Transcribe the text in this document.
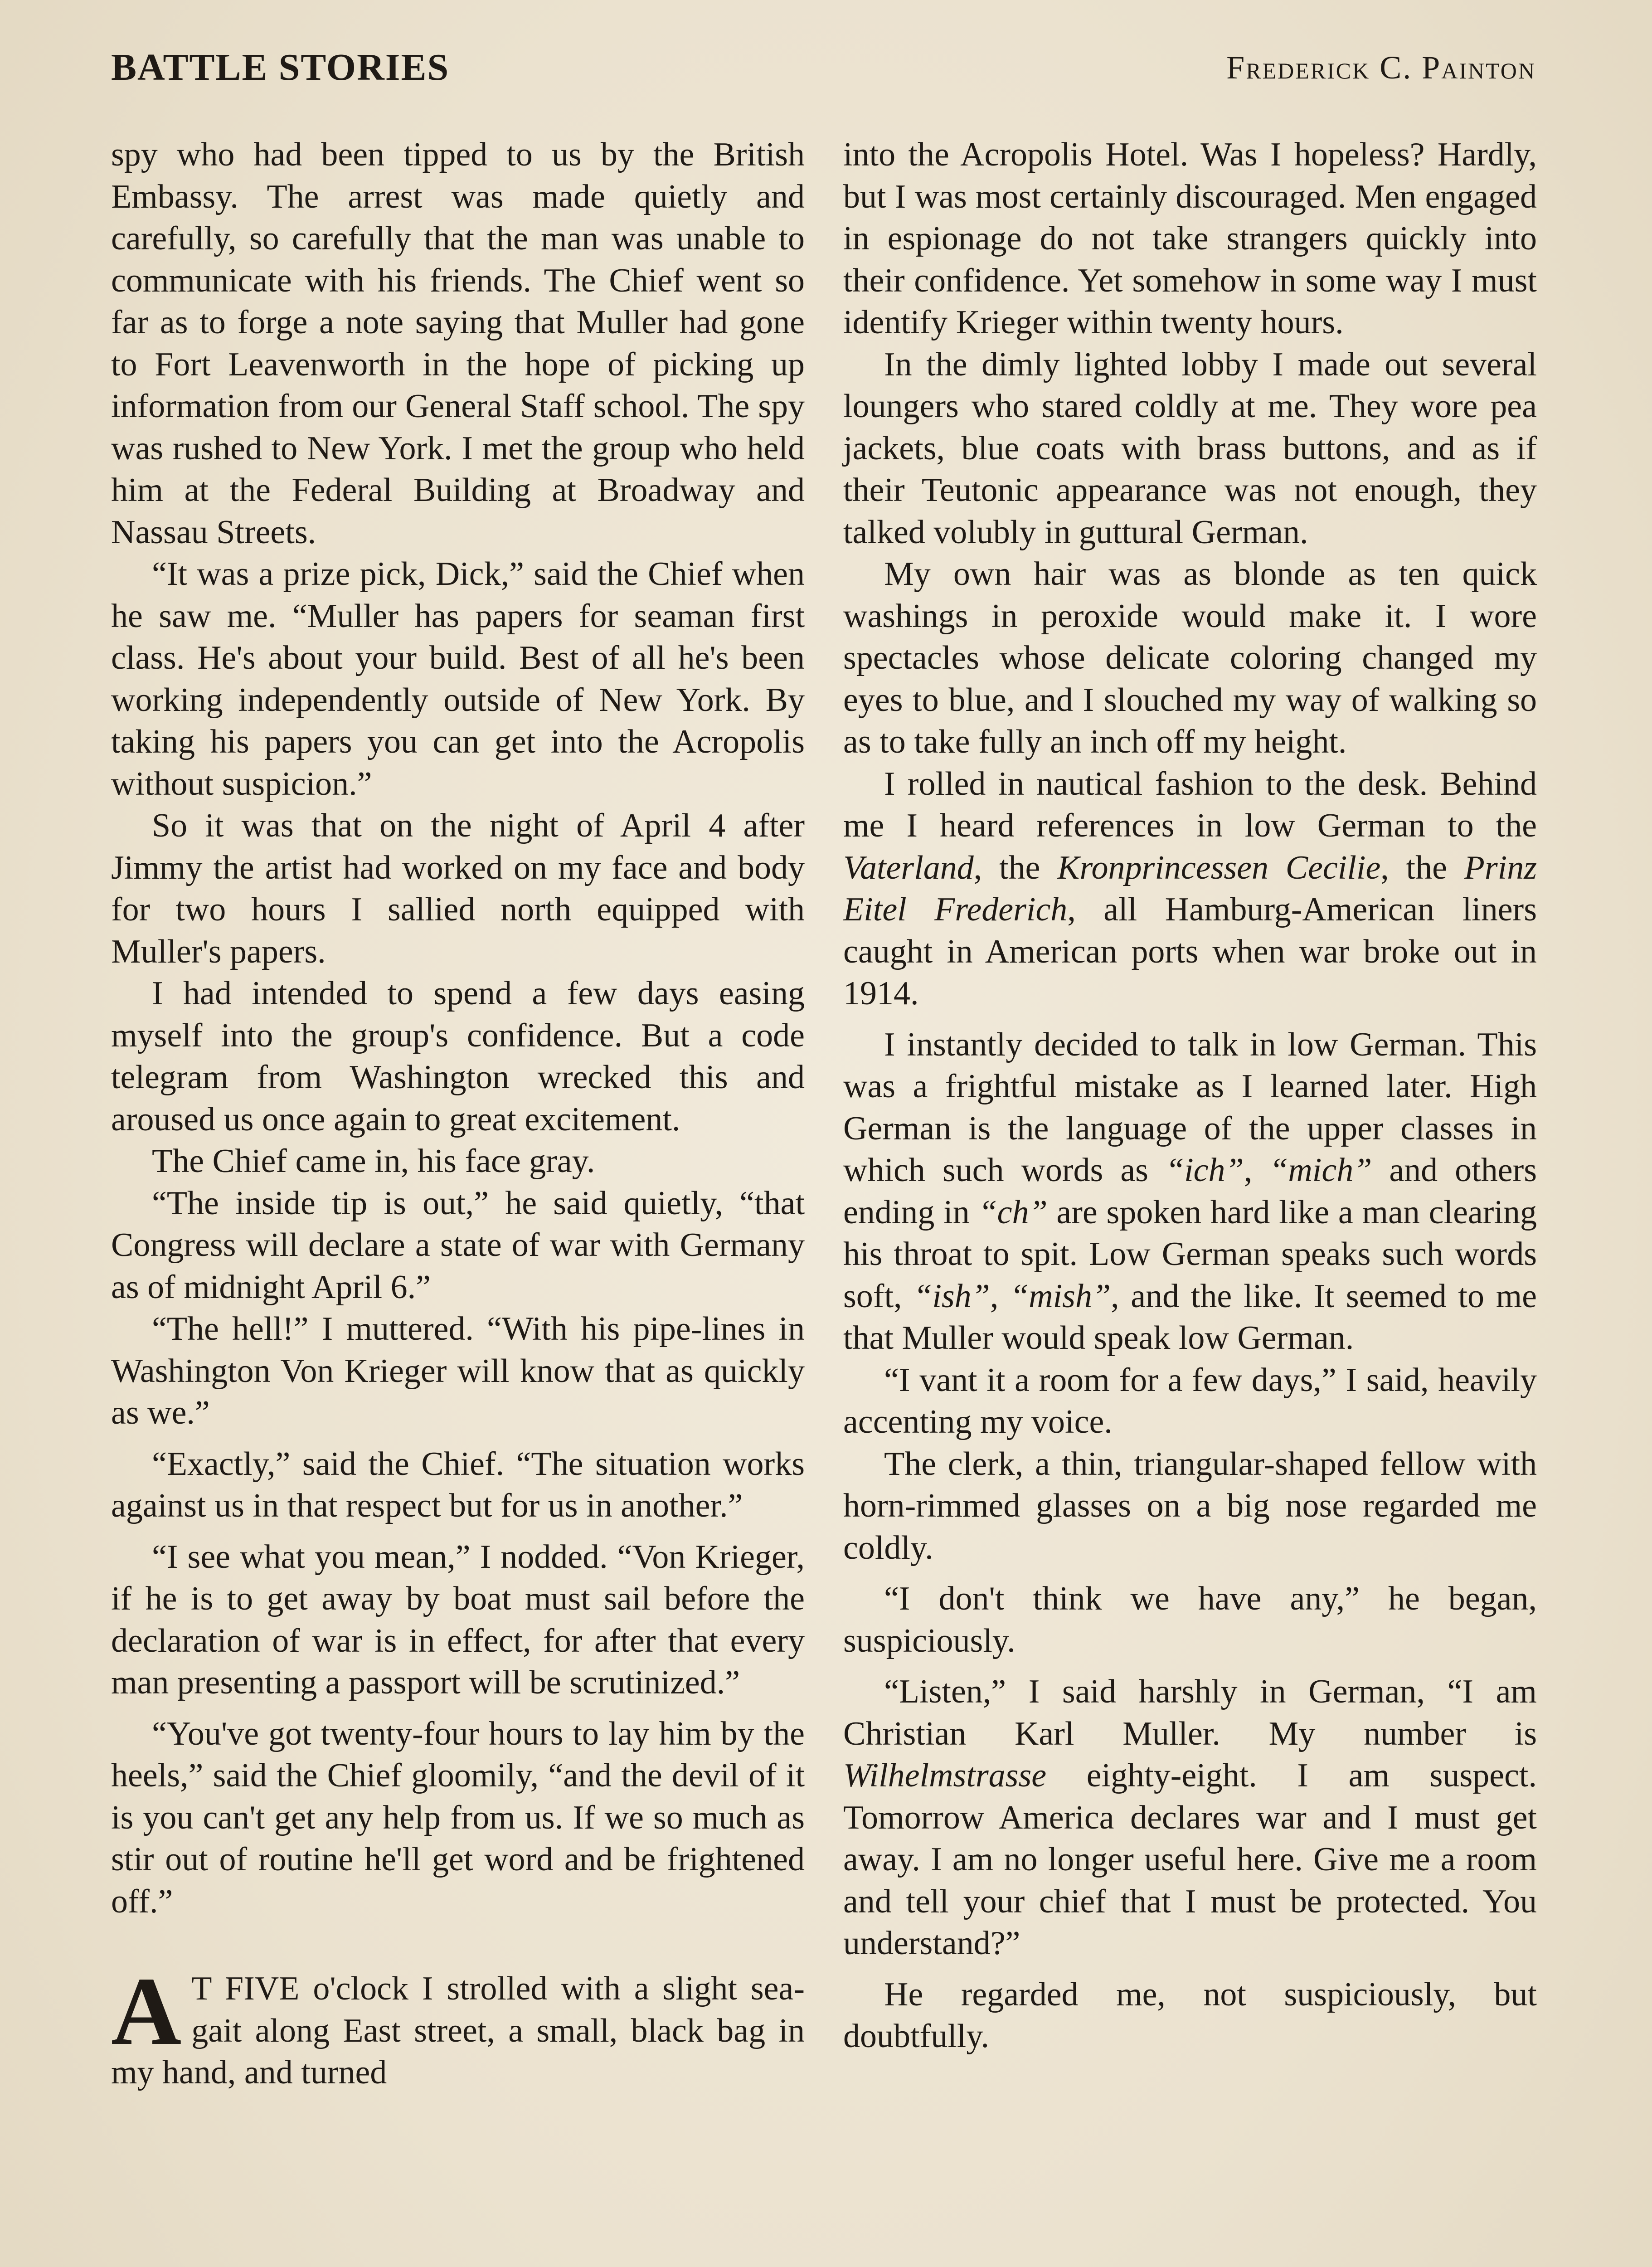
BATTLE STORIES	Frederick C. Painton

spy who had been tipped to us by the British Embassy. The arrest was made quietly and carefully, so carefully that the man was unable to communicate with his friends. The Chief went so far as to forge a note saying that Muller had gone to Fort Leavenworth in the hope of picking up information from our General Staff school. The spy was rushed to New York. I met the group who held him at the Federal Building at Broadway and Nassau Streets.

“It was a prize pick, Dick,” said the Chief when he saw me. “Muller has papers for seaman first class. He's about your build. Best of all he's been working independently outside of New York. By taking his papers you can get into the Acropolis without suspicion.”

So it was that on the night of April 4 after Jimmy the artist had worked on my face and body for two hours I sallied north equipped with Muller's papers.

I had intended to spend a few days easing myself into the group's confidence. But a code telegram from Washington wrecked this and aroused us once again to great excitement.

The Chief came in, his face gray.

“The inside tip is out,” he said quietly, “that Congress will declare a state of war with Germany as of midnight April 6.”

“The hell!” I muttered. “With his pipe-lines in Washington Von Krieger will know that as quickly as we.”

“Exactly,” said the Chief. “The situation works against us in that respect but for us in another.”

“I see what you mean,” I nodded. “Von Krieger, if he is to get away by boat must sail before the declaration of war is in effect, for after that every man presenting a passport will be scrutinized.”

“You've got twenty-four hours to lay him by the heels,” said the Chief gloomily, “and the devil of it is you can't get any help from us. If we so much as stir out of routine he'll get word and be frightened off.”

A T FIVE o'clock I strolled with a slight sea-gait along East street, a small, black bag in my hand, and turned

into the Acropolis Hotel. Was I hopeless? Hardly, but I was most certainly discouraged. Men engaged in espionage do not take strangers quickly into their confidence. Yet somehow in some way I must identify Krieger within twenty hours.

In the dimly lighted lobby I made out several loungers who stared coldly at me. They wore pea jackets, blue coats with brass buttons, and as if their Teutonic appearance was not enough, they talked volubly in guttural German.

My own hair was as blonde as ten quick washings in peroxide would make it. I wore spectacles whose delicate coloring changed my eyes to blue, and I slouched my way of walking so as to take fully an inch off my height.

I rolled in nautical fashion to the desk. Behind me I heard references in low German to the Vaterland, the Kronprincessen Cecilie, the Prinz Eitel Frederich, all Hamburg-American liners caught in American ports when war broke out in 1914.

I instantly decided to talk in low German. This was a frightful mistake as I learned later. High German is the language of the upper classes in which such words as “ich”, “mich” and others ending in “ch” are spoken hard like a man clearing his throat to spit. Low German speaks such words soft, “ish”, “mish”, and the like. It seemed to me that Muller would speak low German.

“I vant it a room for a few days,” I said, heavily accenting my voice.

The clerk, a thin, triangular-shaped fellow with horn-rimmed glasses on a big nose regarded me coldly.

“I don't think we have any,” he began, suspiciously.

“Listen,” I said harshly in German, “I am Christian Karl Muller. My number is Wilhelmstrasse eighty-eight. I am suspect. Tomorrow America declares war and I must get away. I am no longer useful here. Give me a room and tell your chief that I must be protected. You understand?”

He regarded me, not suspiciously, but doubtfully.
